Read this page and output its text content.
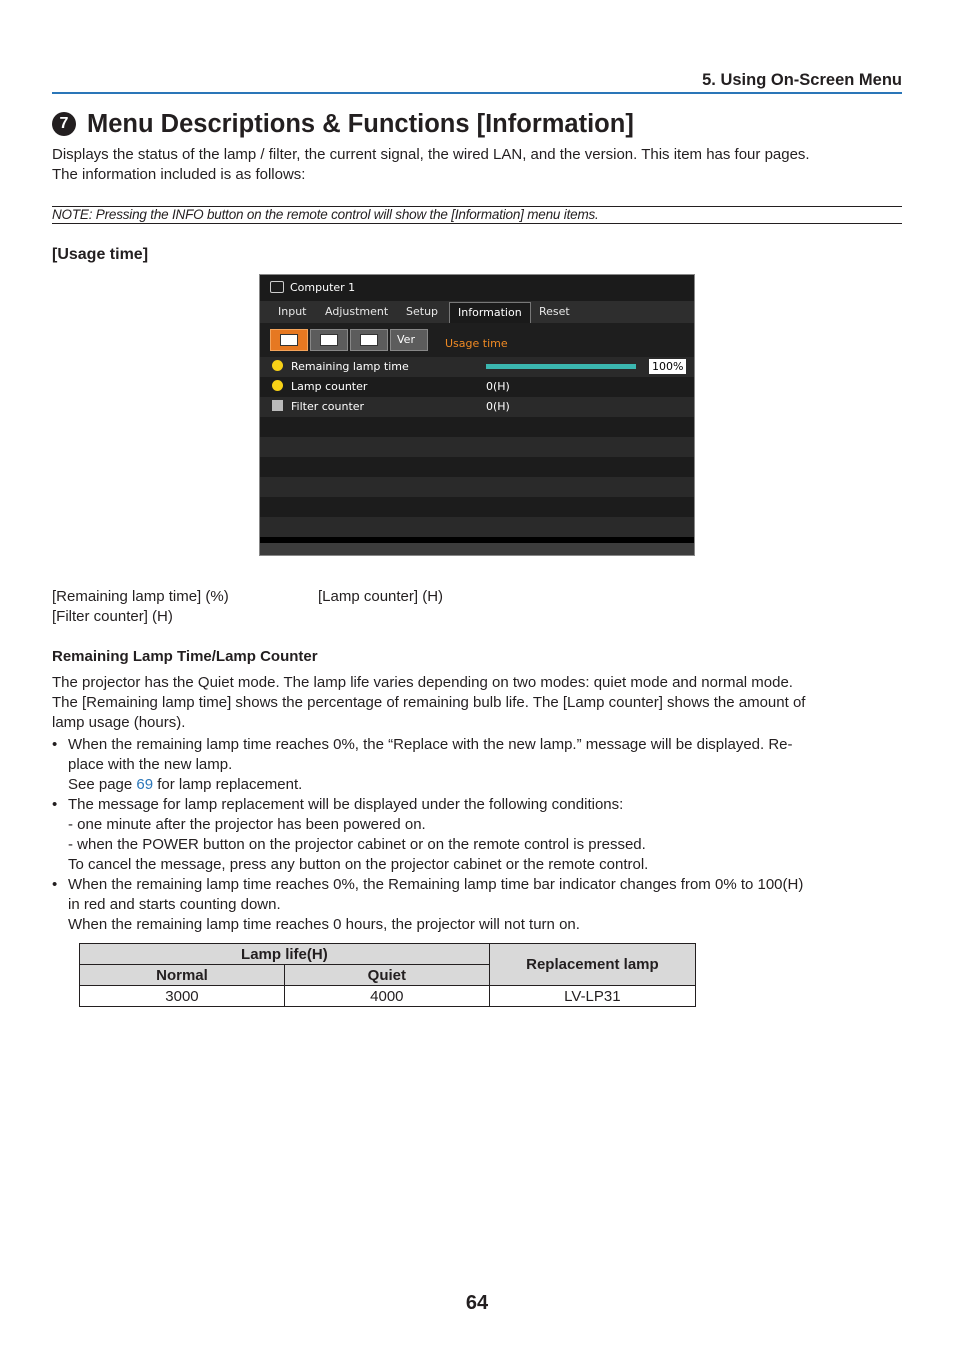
5. Using On-Screen Menu
7 Menu Descriptions & Functions [Information]
Displays the status of the lamp / filter, the current signal, the wired LAN, and the version. This item has four pages.
The information included is as follows:
NOTE: Pressing the INFO button on the remote control will show the [Information] menu items.
[Usage time]
Computer 1
Input Adjustment Setup	Information	Reset
Ver	Usage time
Remaining lamp time	100%
Lamp counter	0(H)
Filter counter	0(H)
[Remaining lamp time] (%)	[Lamp counter] (H)
[Filter counter] (H)
Remaining Lamp Time/Lamp Counter
The projector has the Quiet mode. The lamp life varies depending on two modes: quiet mode and normal mode.
The [Remaining lamp time] shows the percentage of remaining bulb life. The [Lamp counter] shows the amount of
lamp usage (hours).
• When the remaining lamp time reaches 0%, the “Replace with the new lamp.” message will be displayed. Re-
place with the new lamp.
See page 69 for lamp replacement.
• The message for lamp replacement will be displayed under the following conditions:
- one minute after the projector has been powered on.
- when the POWER button on the projector cabinet or on the remote control is pressed.
To cancel the message, press any button on the projector cabinet or the remote control.
• When the remaining lamp time reaches 0%, the Remaining lamp time bar indicator changes from 0% to 100(H)
in red and starts counting down.
When the remaining lamp time reaches 0 hours, the projector will not turn on.
Lamp life(H)		Replacement lamp
Normal	Quiet	
3000	4000	LV-LP31
64
